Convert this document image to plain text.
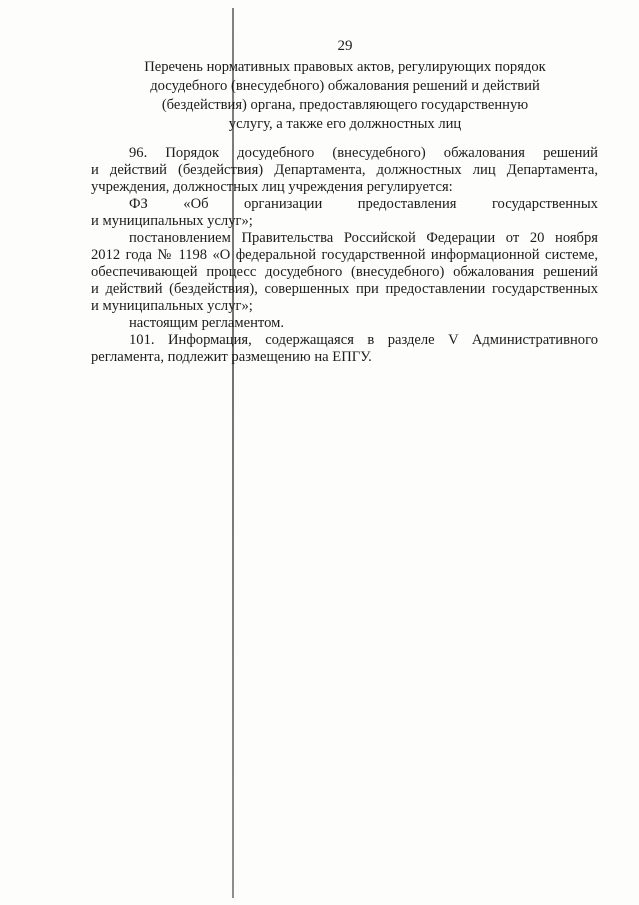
29
Перечень нормативных правовых актов, регулирующих порядок
досудебного (внесудебного) обжалования решений и действий
(бездействия) органа, предоставляющего государственную
услугу, а также его должностных лиц
96. Порядок досудебного (внесудебного) обжалования решений
и действий (бездействия) Департамента, должностных лиц Департамента,
учреждения, должностных лиц учреждения регулируется:
ФЗ «Об организации предоставления государственных
и муниципальных услуг»;
постановлением Правительства Российской Федерации от 20 ноября
2012 года № 1198 «О федеральной государственной информационной системе,
обеспечивающей процесс досудебного (внесудебного) обжалования решений
и действий (бездействия), совершенных при предоставлении государственных
и муниципальных услуг»;
настоящим регламентом.
101. Информация, содержащаяся в разделе V Административного
регламента, подлежит размещению на ЕПГУ.
